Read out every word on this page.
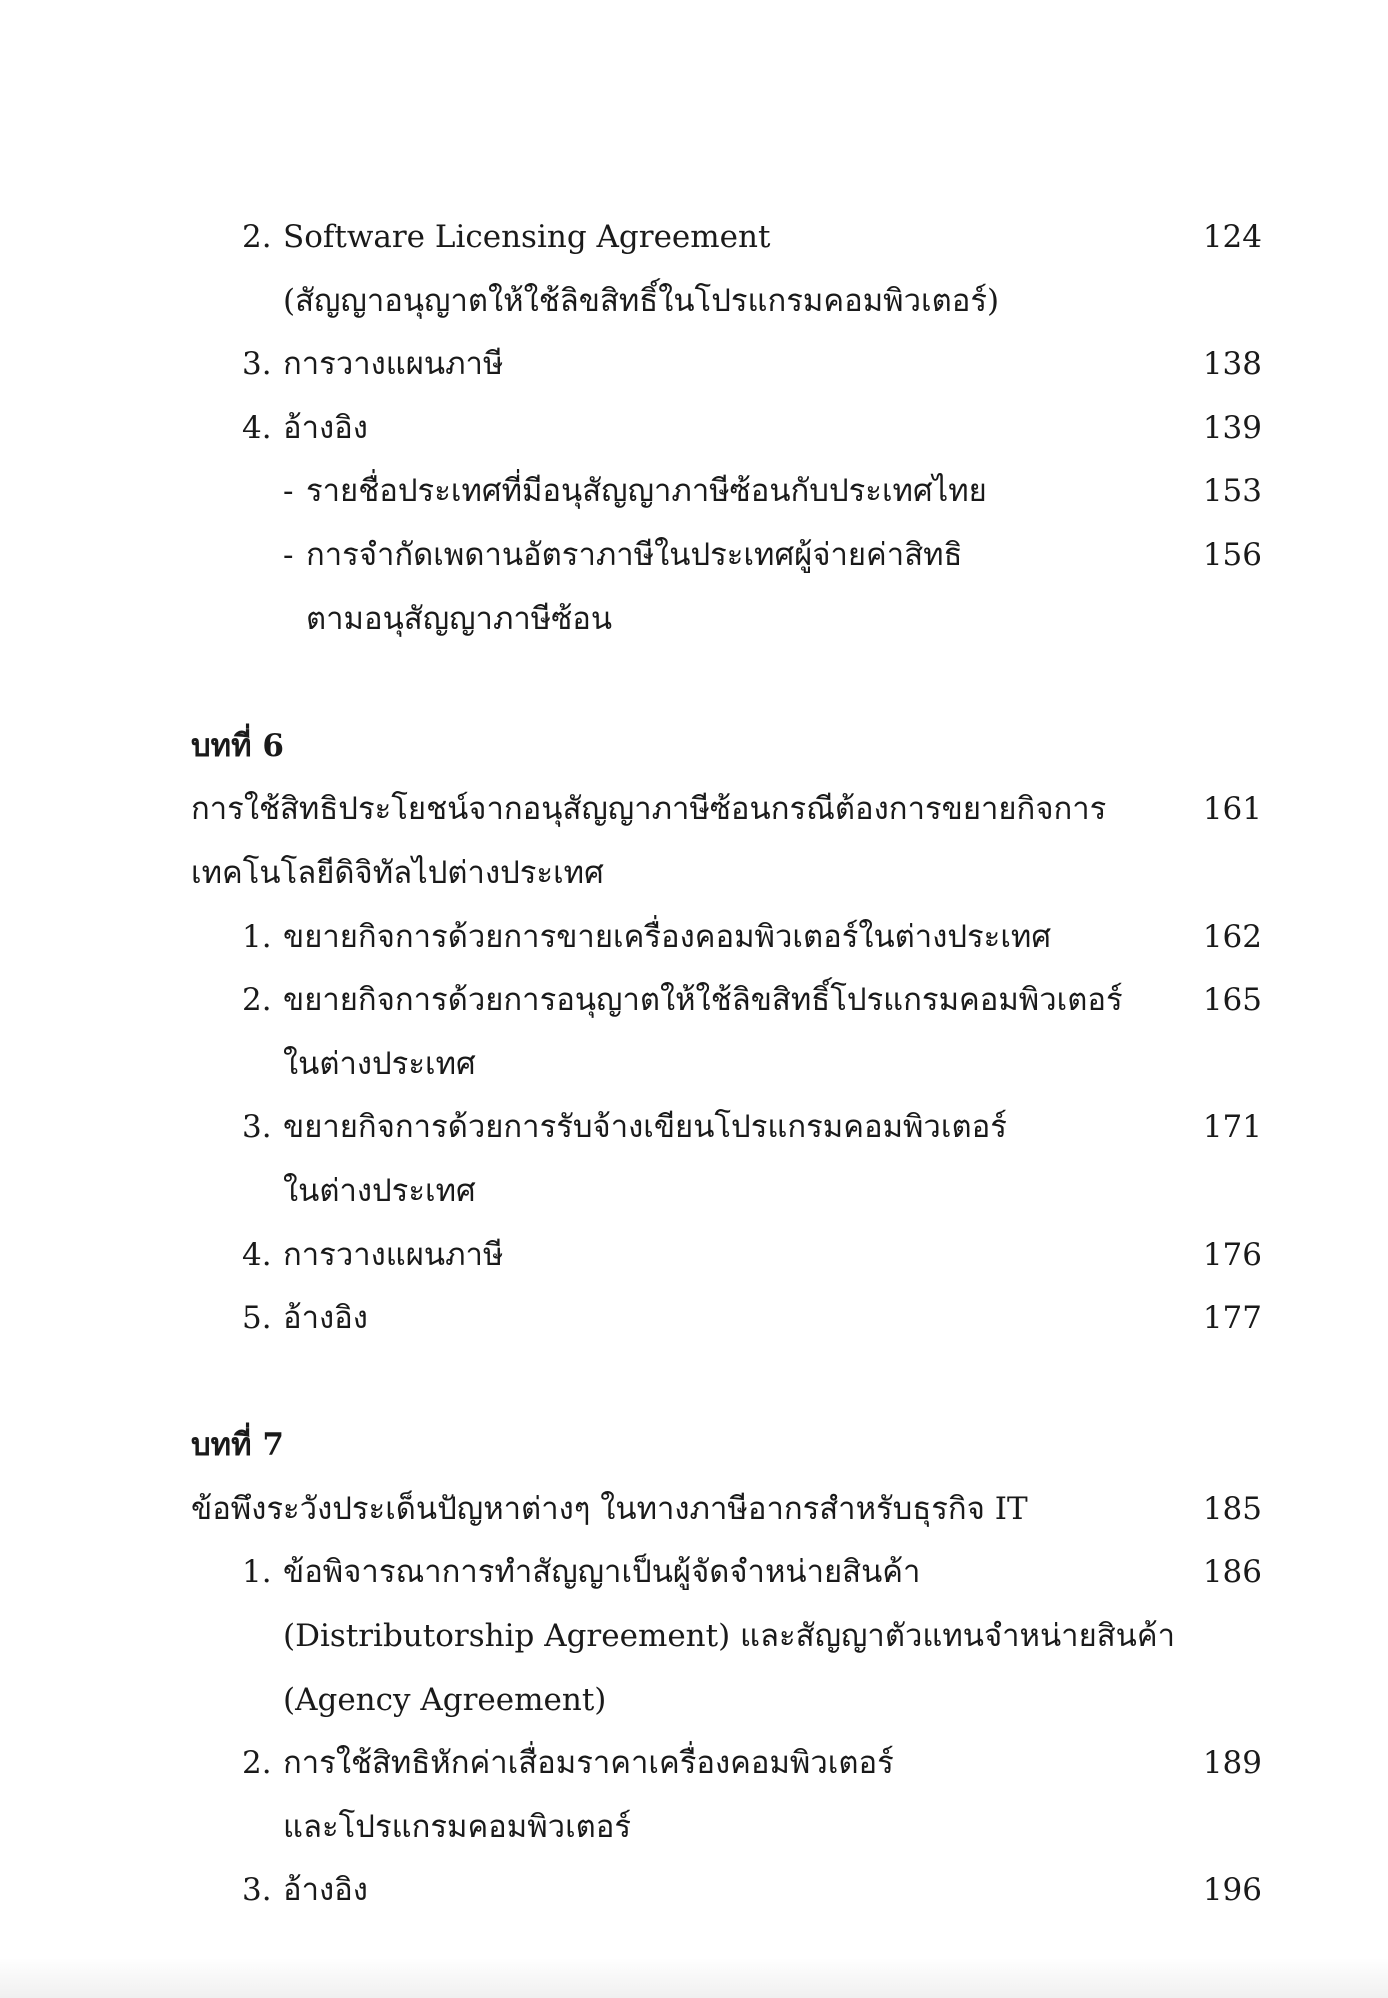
2. Software Licensing Agreement	124
(สัญญาอนุญาตให้ใช้ลิขสิทธิ์ในโปรแกรมคอมพิวเตอร์)
3. การวางแผนภาษี	138
4. อ้างอิง	139
- รายชื่อประเทศที่มีอนุสัญญาภาษีซ้อนกับประเทศไทย	153
- การจำกัดเพดานอัตราภาษีในประเทศผู้จ่ายค่าสิทธิ	156
ตามอนุสัญญาภาษีซ้อน
บทที่ 6
การใช้สิทธิประโยชน์จากอนุสัญญาภาษีซ้อนกรณีต้องการขยายกิจการ	161
เทคโนโลยีดิจิทัลไปต่างประเทศ
1. ขยายกิจการด้วยการขายเครื่องคอมพิวเตอร์ในต่างประเทศ	162
2. ขยายกิจการด้วยการอนุญาตให้ใช้ลิขสิทธิ์โปรแกรมคอมพิวเตอร์	165
ในต่างประเทศ
3. ขยายกิจการด้วยการรับจ้างเขียนโปรแกรมคอมพิวเตอร์	171
ในต่างประเทศ
4. การวางแผนภาษี	176
5. อ้างอิง	177
บทที่ 7
ข้อพึงระวังประเด็นปัญหาต่างๆ ในทางภาษีอากรสำหรับธุรกิจ IT	185
1. ข้อพิจารณาการทำสัญญาเป็นผู้จัดจำหน่ายสินค้า	186
(Distributorship Agreement) และสัญญาตัวแทนจำหน่ายสินค้า
(Agency Agreement)
2. การใช้สิทธิหักค่าเสื่อมราคาเครื่องคอมพิวเตอร์	189
และโปรแกรมคอมพิวเตอร์
3. อ้างอิง	196
